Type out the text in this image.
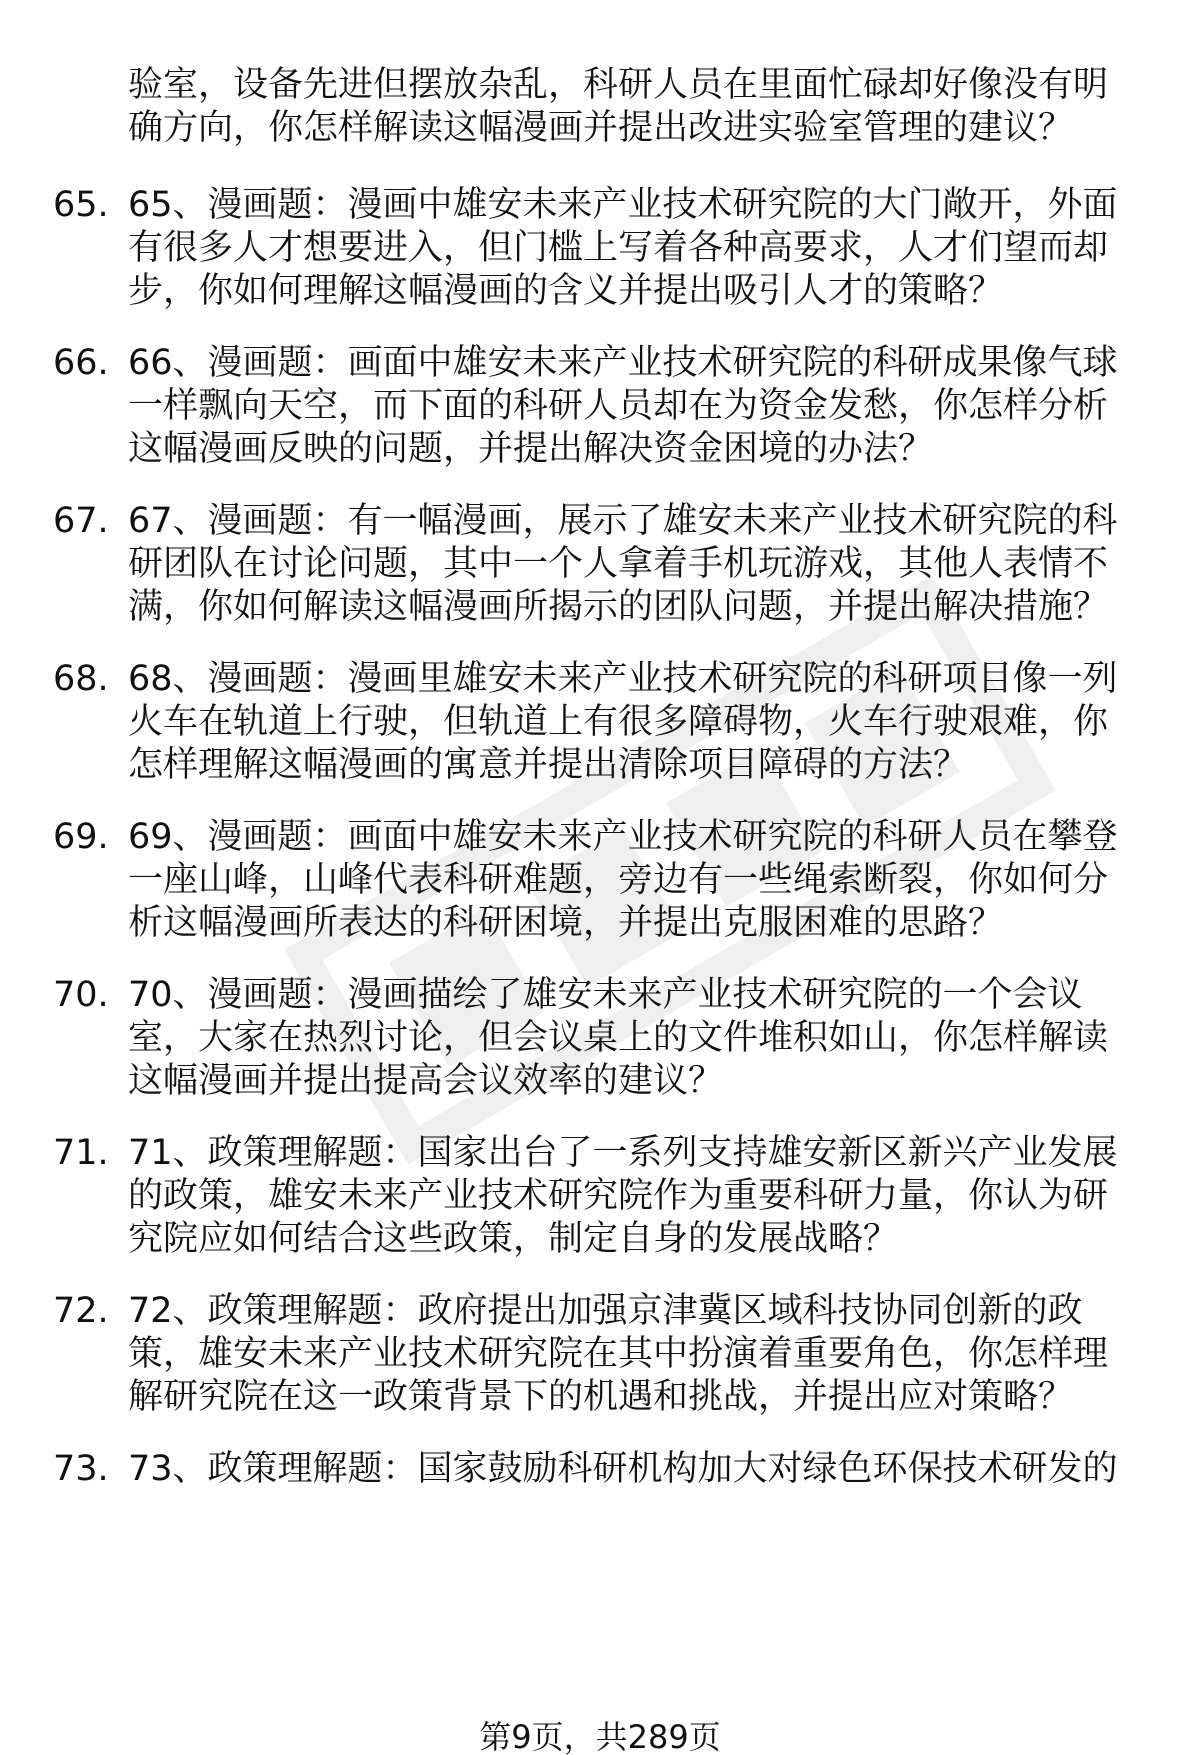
验室，设备先进但摆放杂乱，科研人员在里面忙碌却好像没有明
确方向，你怎样解读这幅漫画并提出改进实验室管理的建议？
65. 65、漫画题：漫画中雄安未来产业技术研究院的大门敞开，外面
有很多人才想要进入，但门槛上写着各种高要求，人才们望而却
步，你如何理解这幅漫画的含义并提出吸引人才的策略？
66. 66、漫画题：画面中雄安未来产业技术研究院的科研成果像气球
一样飘向天空，而下面的科研人员却在为资金发愁，你怎样分析
这幅漫画反映的问题，并提出解决资金困境的办法？
67. 67、漫画题：有一幅漫画，展示了雄安未来产业技术研究院的科
研团队在讨论问题，其中一个人拿着手机玩游戏，其他人表情不
满，你如何解读这幅漫画所揭示的团队问题，并提出解决措施？
68. 68、漫画题：漫画里雄安未来产业技术研究院的科研项目像一列
火车在轨道上行驶，但轨道上有很多障碍物，火车行驶艰难，你
怎样理解这幅漫画的寓意并提出清除项目障碍的方法？
69. 69、漫画题：画面中雄安未来产业技术研究院的科研人员在攀登
一座山峰，山峰代表科研难题，旁边有一些绳索断裂，你如何分
析这幅漫画所表达的科研困境，并提出克服困难的思路？
70. 70、漫画题：漫画描绘了雄安未来产业技术研究院的一个会议
室，大家在热烈讨论，但会议桌上的文件堆积如山，你怎样解读
这幅漫画并提出提高会议效率的建议？
71. 71、政策理解题：国家出台了一系列支持雄安新区新兴产业发展
的政策，雄安未来产业技术研究院作为重要科研力量，你认为研
究院应如何结合这些政策，制定自身的发展战略？
72. 72、政策理解题：政府提出加强京津冀区域科技协同创新的政
策，雄安未来产业技术研究院在其中扮演着重要角色，你怎样理
解研究院在这一政策背景下的机遇和挑战，并提出应对策略？
73. 73、政策理解题：国家鼓励科研机构加大对绿色环保技术研发的
第9页，共289页
